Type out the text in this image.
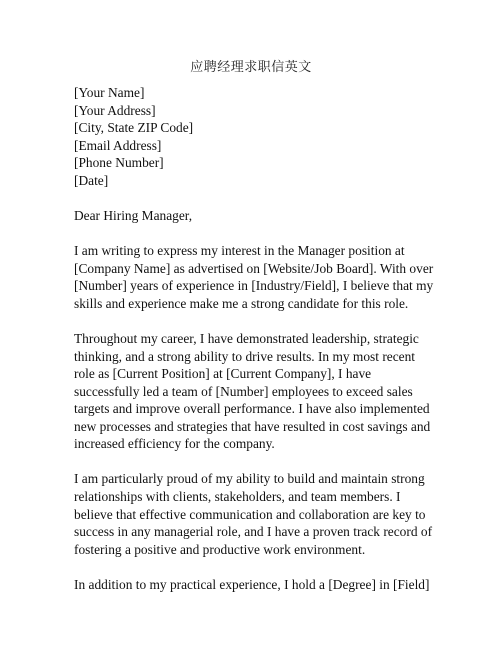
应聘经理求职信英文
[Your Name]
[Your Address]
[City, State ZIP Code]
[Email Address]
[Phone Number]
[Date]
Dear Hiring Manager,
I am writing to express my interest in the Manager position at
[Company Name] as advertised on [Website/Job Board]. With over
[Number] years of experience in [Industry/Field], I believe that my
skills and experience make me a strong candidate for this role.
Throughout my career, I have demonstrated leadership, strategic
thinking, and a strong ability to drive results. In my most recent
role as [Current Position] at [Current Company], I have
successfully led a team of [Number] employees to exceed sales
targets and improve overall performance. I have also implemented
new processes and strategies that have resulted in cost savings and
increased efficiency for the company.
I am particularly proud of my ability to build and maintain strong
relationships with clients, stakeholders, and team members. I
believe that effective communication and collaboration are key to
success in any managerial role, and I have a proven track record of
fostering a positive and productive work environment.
In addition to my practical experience, I hold a [Degree] in [Field]
